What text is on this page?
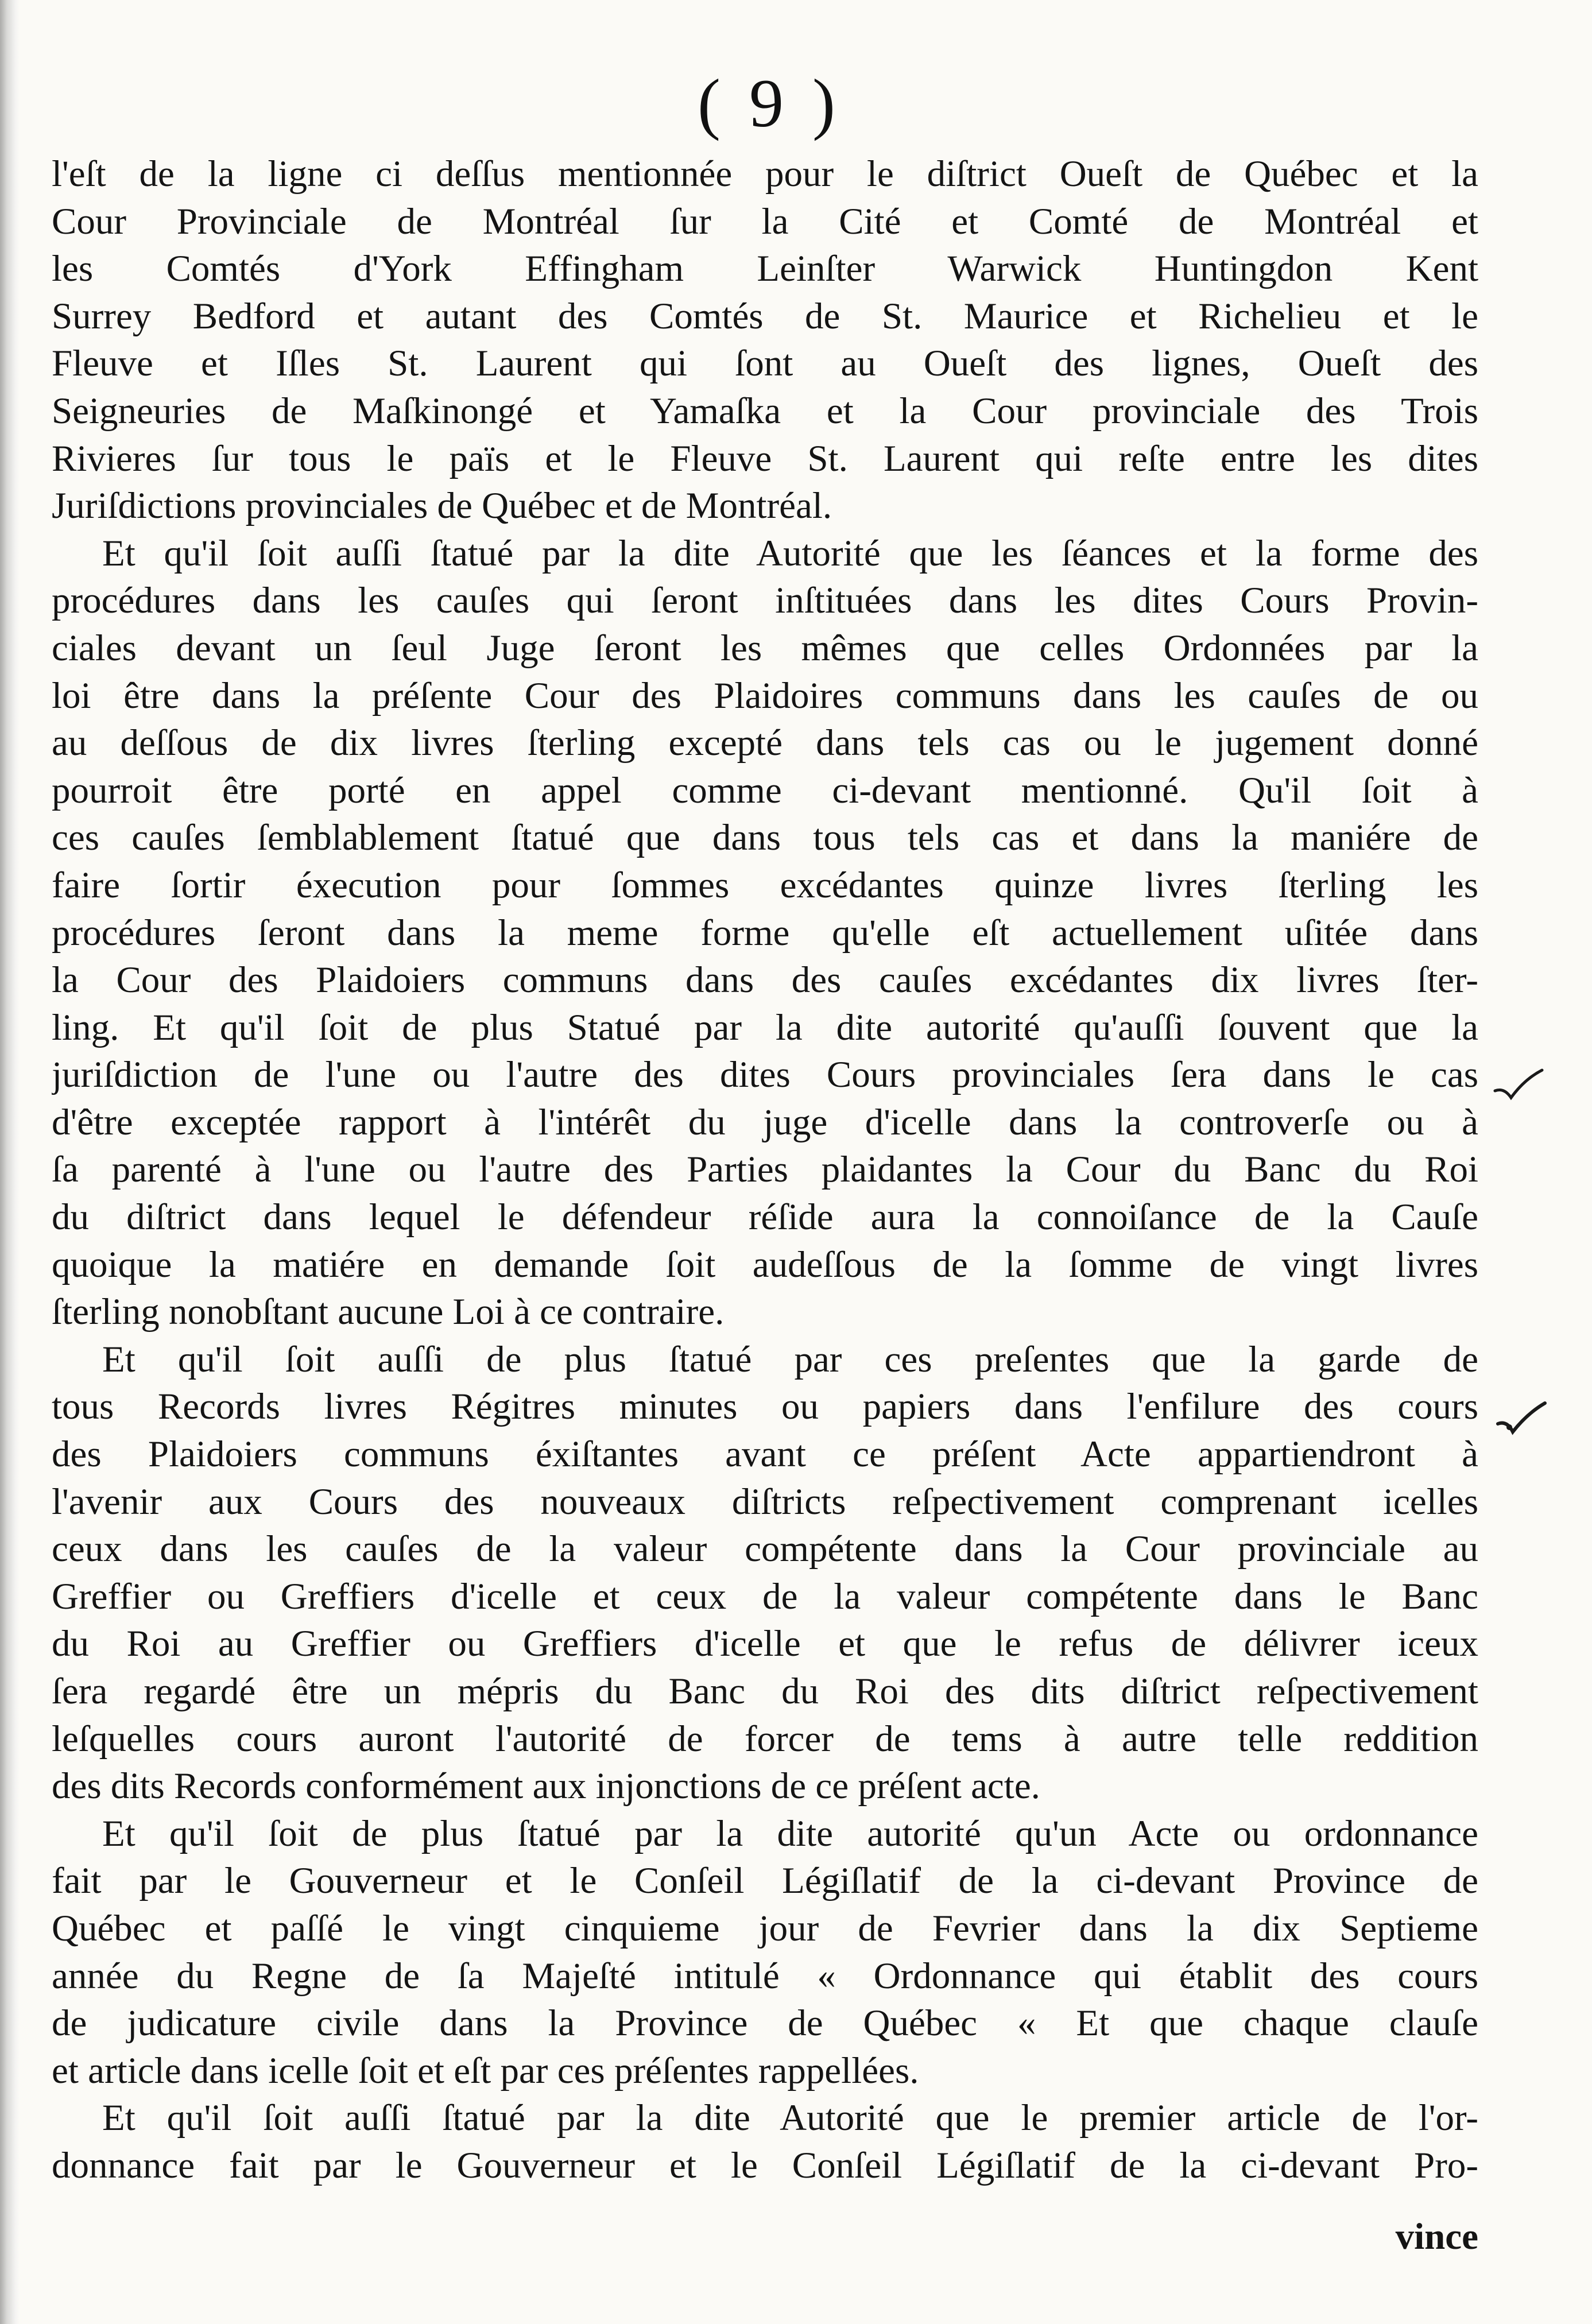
( 9 )
l'eſt de la ligne ci deſſus mentionnée pour le diſtrict Oueſt de Québec et la
Cour Provinciale de Montréal ſur la Cité et Comté de Montréal et
les Comtés d'York Effingham Leinſter Warwick Huntingdon Kent
Surrey Bedford et autant des Comtés de St. Maurice et Richelieu et le
Fleuve et Iſles St. Laurent qui ſont au Oueſt des lignes, Oueſt des
Seigneuries de Maſkinongé et Yamaſka et la Cour provinciale des Trois
Rivieres ſur tous le païs et le Fleuve St. Laurent qui reſte entre les dites
Juriſdictions provinciales de Québec et de Montréal.
Et qu'il ſoit auſſi ſtatué par la dite Autorité que les ſéances et la forme des
procédures dans les cauſes qui ſeront inſtituées dans les dites Cours Provin-
ciales devant un ſeul Juge ſeront les mêmes que celles Ordonnées par la
loi être dans la préſente Cour des Plaidoires communs dans les cauſes de ou
au deſſous de dix livres ſterling excepté dans tels cas ou le jugement donné
pourroit être porté en appel comme ci-devant mentionné. Qu'il ſoit à
ces cauſes ſemblablement ſtatué que dans tous tels cas et dans la maniére de
faire ſortir éxecution pour ſommes excédantes quinze livres ſterling les
procédures ſeront dans la meme forme qu'elle eſt actuellement uſitée dans
la Cour des Plaidoiers communs dans des cauſes excédantes dix livres ſter-
ling. Et qu'il ſoit de plus Statué par la dite autorité qu'auſſi ſouvent que la
juriſdiction de l'une ou l'autre des dites Cours provinciales ſera dans le cas
d'être exceptée rapport à l'intérêt du juge d'icelle dans la controverſe ou à
ſa parenté à l'une ou l'autre des Parties plaidantes la Cour du Banc du Roi
du diſtrict dans lequel le défendeur réſide aura la connoiſance de la Cauſe
quoique la matiére en demande ſoit audeſſous de la ſomme de vingt livres
ſterling nonobſtant aucune Loi à ce contraire.
Et qu'il ſoit auſſi de plus ſtatué par ces preſentes que la garde de
tous Records livres Régitres minutes ou papiers dans l'enfilure des cours
des Plaidoiers communs éxiſtantes avant ce préſent Acte appartiendront à
l'avenir aux Cours des nouveaux diſtricts reſpectivement comprenant icelles
ceux dans les cauſes de la valeur compétente dans la Cour provinciale au
Greffier ou Greffiers d'icelle et ceux de la valeur compétente dans le Banc
du Roi au Greffier ou Greffiers d'icelle et que le refus de délivrer iceux
ſera regardé être un mépris du Banc du Roi des dits diſtrict reſpectivement
leſquelles cours auront l'autorité de forcer de tems à autre telle reddition
des dits Records conformément aux injonctions de ce préſent acte.
Et qu'il ſoit de plus ſtatué par la dite autorité qu'un Acte ou ordonnance
fait par le Gouverneur et le Conſeil Légiſlatif de la ci-devant Province de
Québec et paſſé le vingt cinquieme jour de Fevrier dans la dix Septieme
année du Regne de ſa Majeſté intitulé « Ordonnance qui établit des cours
de judicature civile dans la Province de Québec « Et que chaque clauſe
et article dans icelle ſoit et eſt par ces préſentes rappellées.
Et qu'il ſoit auſſi ſtatué par la dite Autorité que le premier article de l'or-
donnance fait par le Gouverneur et le Conſeil Légiſlatif de la ci-devant Pro-
vince
